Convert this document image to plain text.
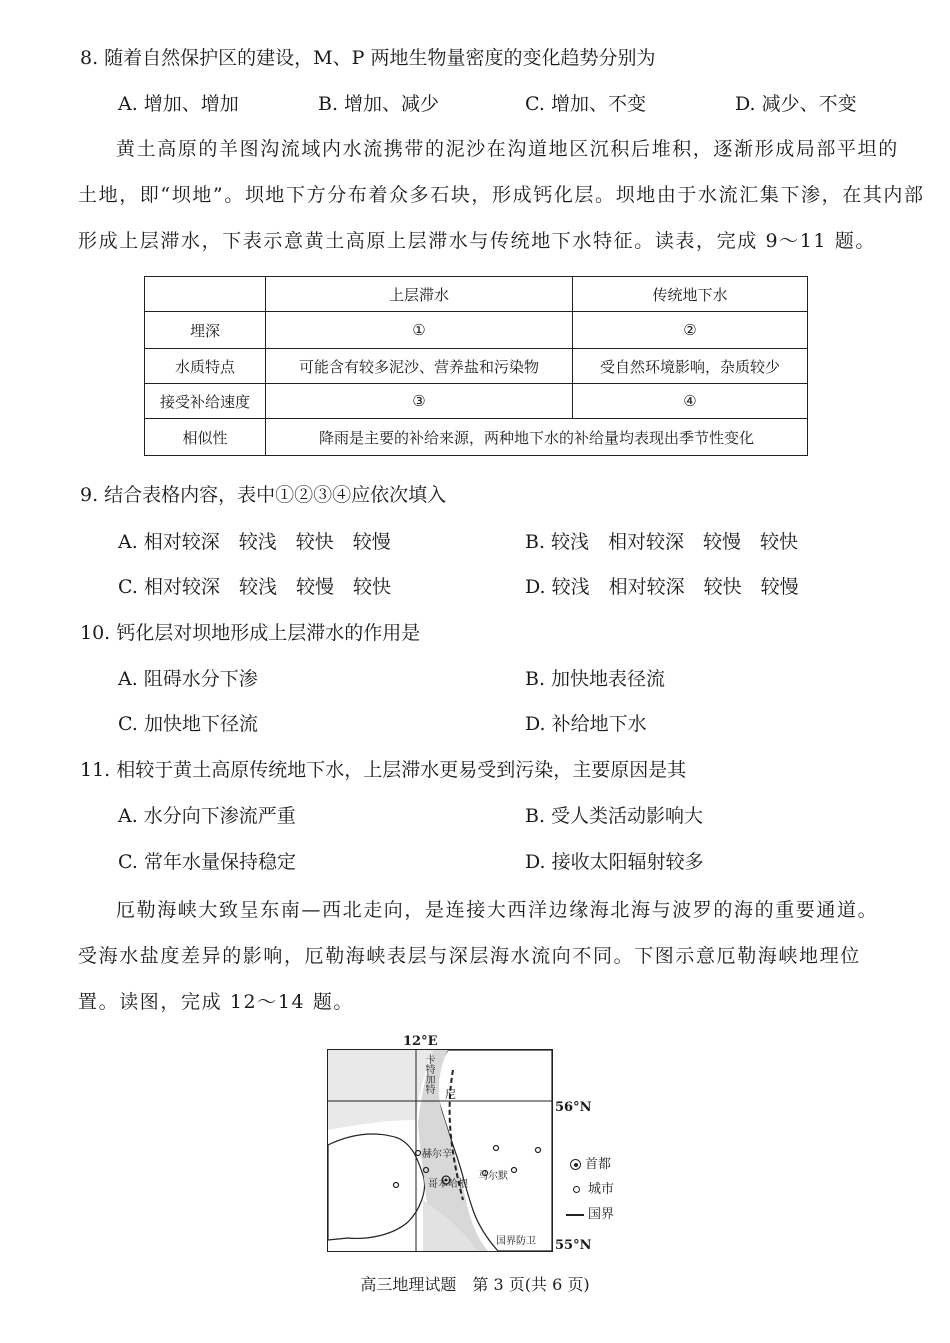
8. 随着自然保护区的建设，M、P 两地生物量密度的变化趋势分别为
A. 增加、增加	B. 增加、减少	C. 增加、不变	D. 减少、不变
黄土高原的羊图沟流域内水流携带的泥沙在沟道地区沉积后堆积，逐渐形成局部平坦的
土地，即“坝地”。坝地下方分布着众多石块，形成钙化层。坝地由于水流汇集下渗，在其内部
形成上层滞水，下表示意黄土高原上层滞水与传统地下水特征。读表，完成 9～11 题。
	上层滞水	传统地下水
埋深	①	②
水质特点	可能含有较多泥沙、营养盐和污染物	受自然环境影响，杂质较少
接受补给速度	③	④
相似性	降雨是主要的补给来源，两种地下水的补给量均表现出季节性变化	
9. 结合表格内容，表中①②③④应依次填入
A. 相对较深　较浅　较快　较慢	B. 较浅　相对较深　较慢　较快
C. 相对较深　较浅　较慢　较快	D. 较浅　相对较深　较快　较慢
10. 钙化层对坝地形成上层滞水的作用是
A. 阻碍水分下渗	B. 加快地表径流
C. 加快地下径流	D. 补给地下水
11. 相较于黄土高原传统地下水，上层滞水更易受到污染，主要原因是其
A. 水分向下渗流严重	B. 受人类活动影响大
C. 常年水量保持稳定	D. 接收太阳辐射较多
厄勒海峡大致呈东南—西北走向，是连接大西洋边缘海北海与波罗的海的重要通道。
受海水盐度差异的影响，厄勒海峡表层与深层海水流向不同。下图示意厄勒海峡地理位
置。读图，完成 12～14 题。
12°E
卡特加特
尼
赫尔辛
哥本哈根
马尔默
国界防卫
56°N
55°N
首都
城市
国界
高三地理试题　第 3 页(共 6 页)
